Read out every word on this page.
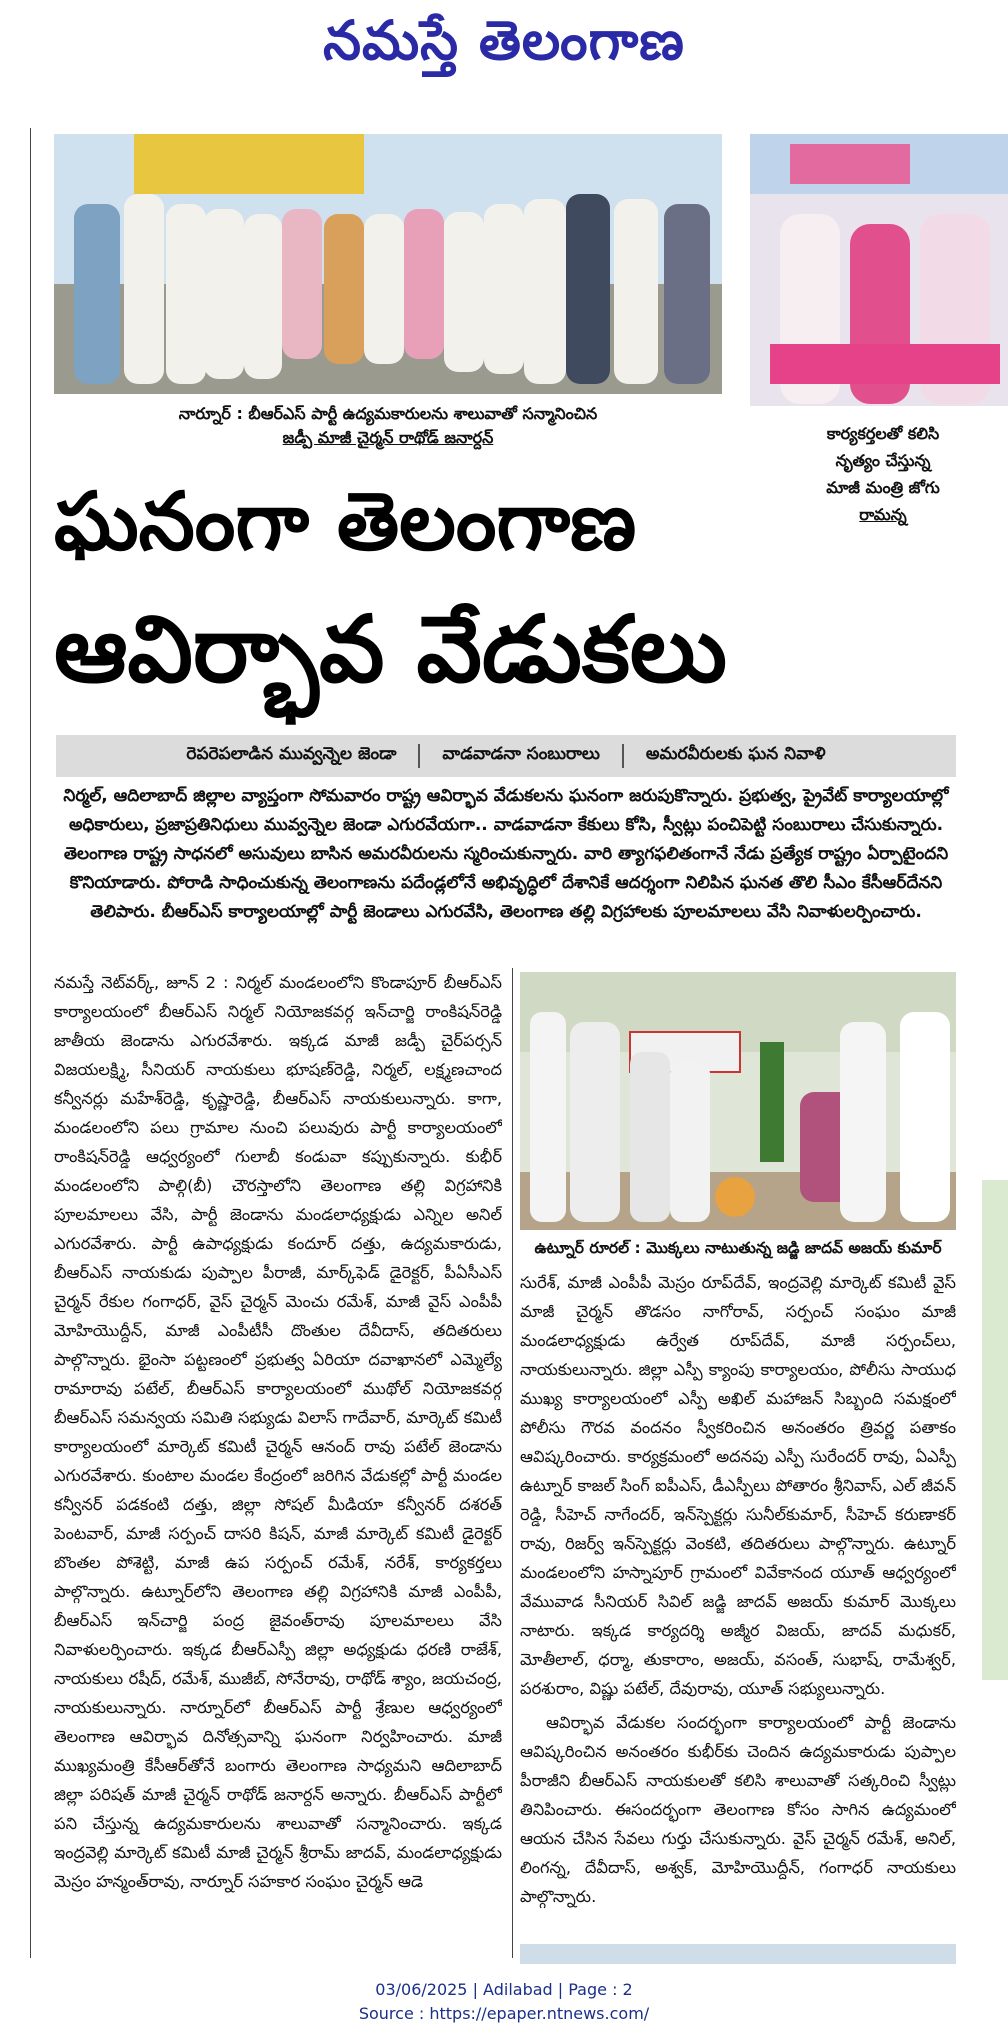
నమస్తే తెలంగాణ
నార్నూర్ : బీఆర్ఎస్ పార్టీ ఉద్యమకారులను శాలువాతో సన్మానించిన
జడ్పీ మాజీ చైర్మన్ రాథోడ్ జనార్దన్	కార్యకర్తలతో కలిసి
నృత్యం చేస్తున్న
మాజీ మంత్రి జోగు
రామన్న
ఘనంగా తెలంగాణ
ఆవిర్భావ వేడుకలు
రెపరెపలాడిన మువ్వన్నెల జెండా	వాడవాడనా సంబురాలు	అమరవీరులకు ఘన నివాళి
నిర్మల్, ఆదిలాబాద్ జిల్లాల వ్యాప్తంగా సోమవారం రాష్ట్ర ఆవిర్భావ వేడుకలను ఘనంగా జరుపుకొన్నారు. ప్రభుత్వ, ప్రైవేట్ కార్యాలయాల్లో అధికారులు, ప్రజాప్రతినిధులు మువ్వన్నెల జెండా ఎగురవేయగా.. వాడవాడనా కేకులు కోసి, స్వీట్లు పంచిపెట్టి సంబురాలు చేసుకున్నారు. తెలంగాణ రాష్ట్ర సాధనలో అసువులు బాసిన అమరవీరులను స్మరించుకున్నారు. వారి త్యాగఫలితంగానే నేడు ప్రత్యేక రాష్ట్రం ఏర్పాటైందని కొనియాడారు. పోరాడి సాధించుకున్న తెలంగాణను పదేండ్లలోనే అభివృద్ధిలో దేశానికే ఆదర్శంగా నిలిపిన ఘనత తొలి సీఎం కేసీఆర్‌దేనని తెలిపారు. బీఆర్ఎస్ కార్యాలయాల్లో పార్టీ జెండాలు ఎగురవేసి, తెలంగాణ తల్లి విగ్రహాలకు పూలమాలలు వేసి నివాళులర్పించారు.
నమస్తే నెట్‌వర్క్, జూన్ 2 : నిర్మల్ మండలంలోని కొండాపూర్ బీఆర్ఎస్ కార్యాలయంలో బీఆర్ఎస్ నిర్మల్ నియోజకవర్గ ఇన్‌చార్జి రాంకిషన్‌రెడ్డి జాతీయ జెండాను ఎగురవేశారు. ఇక్కడ మాజీ జడ్పీ చైర్‌పర్సన్ విజయలక్ష్మి, సీనియర్ నాయకులు భూషణ్‌రెడ్డి, నిర్మల్, లక్ష్మణచాంద కన్వీనర్లు మహేశ్‌రెడ్డి, కృష్ణారెడ్డి, బీఆర్ఎస్ నాయకులున్నారు. కాగా, మండలంలోని పలు గ్రామాల నుంచి పలువురు పార్టీ కార్యాలయంలో రాంకిషన్‌రెడ్డి ఆధ్వర్యంలో గులాబీ కండువా కప్పుకున్నారు. కుభీర్ మండలంలోని పాల్గి(బీ) చౌరస్తాలోని తెలంగాణ తల్లి విగ్రహానికి పూలమాలలు వేసి, పార్టీ జెండాను మండలాధ్యక్షుడు ఎన్నిల అనిల్ ఎగురవేశారు. పార్టీ ఉపాధ్యక్షుడు కందూర్ దత్తు, ఉద్యమకారుడు, బీఆర్ఎస్ నాయకుడు పుప్పాల పీరాజీ, మార్క్‌ఫెడ్ డైరెక్టర్, పీఏసీఎస్ చైర్మన్ రేకుల గంగాధర్, వైస్ చైర్మన్ మెంచు రమేశ్, మాజీ వైస్ ఎంపీపీ మోహియొద్దీన్, మాజీ ఎంపీటీసీ దొంతుల దేవీదాస్, తదితరులు పాల్గొన్నారు. భైంసా పట్టణంలో ప్రభుత్వ ఏరియా దవాఖానలో ఎమ్మెల్యే రామారావు పటేల్, బీఆర్ఎస్ కార్యాలయంలో ముథోల్ నియోజకవర్గ బీఆర్ఎస్ సమన్వయ సమితి సభ్యుడు విలాస్ గాదేవార్, మార్కెట్ కమిటీ కార్యాలయంలో మార్కెట్ కమిటీ చైర్మన్ ఆనంద్ రావు పటేల్ జెండాను ఎగురవేశారు. కుంటాల మండల కేంద్రంలో జరిగిన వేడుకల్లో పార్టీ మండల కన్వీనర్ పడకంటి దత్తు, జిల్లా సోషల్ మీడియా కన్వీనర్ దశరత్ పెంటవార్, మాజీ సర్పంచ్ దాసరి కిషన్, మాజీ మార్కెట్ కమిటీ డైరెక్టర్ బొంతల పోశెట్టి, మాజీ ఉప సర్పంచ్ రమేశ్, నరేశ్, కార్యకర్తలు పాల్గొన్నారు. ఉట్నూర్‌లోని తెలంగాణ తల్లి విగ్రహానికి మాజీ ఎంపీపీ, బీఆర్ఎస్ ఇన్‌చార్జి పంద్ర జైవంత్‌రావు పూలమాలలు వేసి నివాళులర్పించారు. ఇక్కడ బీఆర్ఎస్పీ జిల్లా అధ్యక్షుడు ధరణి రాజేశ్, నాయకులు రషీద్, రమేశ్, ముజీబ్, సోనేరావు, రాథోడ్ శ్యాం, జయచంద్ర, నాయకులున్నారు. నార్నూర్‌లో బీఆర్ఎస్ పార్టీ శ్రేణుల ఆధ్వర్యంలో తెలంగాణ ఆవిర్భావ దినోత్సవాన్ని ఘనంగా నిర్వహించారు. మాజీ ముఖ్యమంత్రి కేసీఆర్‌తోనే బంగారు తెలంగాణ సాధ్యమని ఆదిలాబాద్ జిల్లా పరిషత్ మాజీ చైర్మన్ రాథోడ్ జనార్దన్ అన్నారు. బీఆర్ఎస్ పార్టీలో పని చేస్తున్న ఉద్యమకారులను శాలువాతో సన్మానించారు. ఇక్కడ ఇంద్రవెల్లి మార్కెట్ కమిటీ మాజీ చైర్మన్ శ్రీరామ్ జాదవ్, మండలాధ్యక్షుడు మెస్రం హన్మంత్‌రావు, నార్నూర్ సహకార సంఘం చైర్మన్ ఆడె
ఉట్నూర్ రూరల్ : మొక్కలు నాటుతున్న జడ్జి జాదవ్ అజయ్ కుమార్
సురేశ్, మాజీ ఎంపీపీ మెస్రం రూప్‌దేవ్, ఇంద్రవెల్లి మార్కెట్ కమిటీ వైస్ మాజీ చైర్మన్ తొడసం నాగోరావ్, సర్పంచ్ సంఘం మాజీ మండలాధ్యక్షుడు ఉర్వేత రూప్‌దేవ్, మాజీ సర్పంచ్‌లు, నాయకులున్నారు. జిల్లా ఎస్పీ క్యాంపు కార్యాలయం, పోలీసు సాయుధ ముఖ్య కార్యాలయంలో ఎస్పీ అఖిల్ మహాజన్ సిబ్బంది సమక్షంలో పోలీసు గౌరవ వందనం స్వీకరించిన అనంతరం త్రివర్ణ పతాకం ఆవిష్కరించారు. కార్యక్రమంలో అదనపు ఎస్పీ సురేందర్ రావు, ఏఎస్పీ ఉట్నూర్ కాజల్ సింగ్ ఐపీఎస్, డీఎస్పీలు పోతారం శ్రీనివాస్, ఎల్ జీవన్ రెడ్డి, సీహెచ్ నాగేందర్, ఇన్‌స్పెక్టర్లు సునీల్‌కుమార్, సీహెచ్ కరుణాకర్ రావు, రిజర్వ్ ఇన్‌స్పెక్టర్లు వెంకటి, తదితరులు పాల్గొన్నారు. ఉట్నూర్ మండలంలోని హస్నాపూర్ గ్రామంలో వివేకానంద యూత్ ఆధ్వర్యంలో వేమువాడ సీనియర్ సివిల్ జడ్జి జాదవ్ అజయ్ కుమార్ మొక్కలు నాటారు. ఇక్కడ కార్యదర్శి అజ్మీర విజయ్, జాదవ్ మధుకర్, మోతీలాల్, ధర్మా, తుకారాం, అజయ్, వసంత్, సుభాష్, రామేశ్వర్, పరశురాం, విష్ణు పటేల్, దేవురావు, యూత్ సభ్యులున్నారు.
ఆవిర్భావ వేడుకల సందర్భంగా కార్యాలయంలో పార్టీ జెండాను ఆవిష్కరించిన అనంతరం కుభీర్‌కు చెందిన ఉద్యమకారుడు పుప్పాల పీరాజీని బీఆర్ఎస్ నాయకులతో కలిసి శాలువాతో సత్కరించి స్వీట్లు తినిపించారు. ఈసందర్భంగా తెలంగాణ కోసం సాగిన ఉద్యమంలో ఆయన చేసిన సేవలు గుర్తు చేసుకున్నారు. వైస్ చైర్మన్ రమేశ్, అనిల్, లింగన్న, దేవీదాస్, అశ్వక్, మోహియొద్దీన్, గంగాధర్ నాయకులు పాల్గొన్నారు.
03/06/2025 | Adilabad | Page : 2
Source : https://epaper.ntnews.com/
